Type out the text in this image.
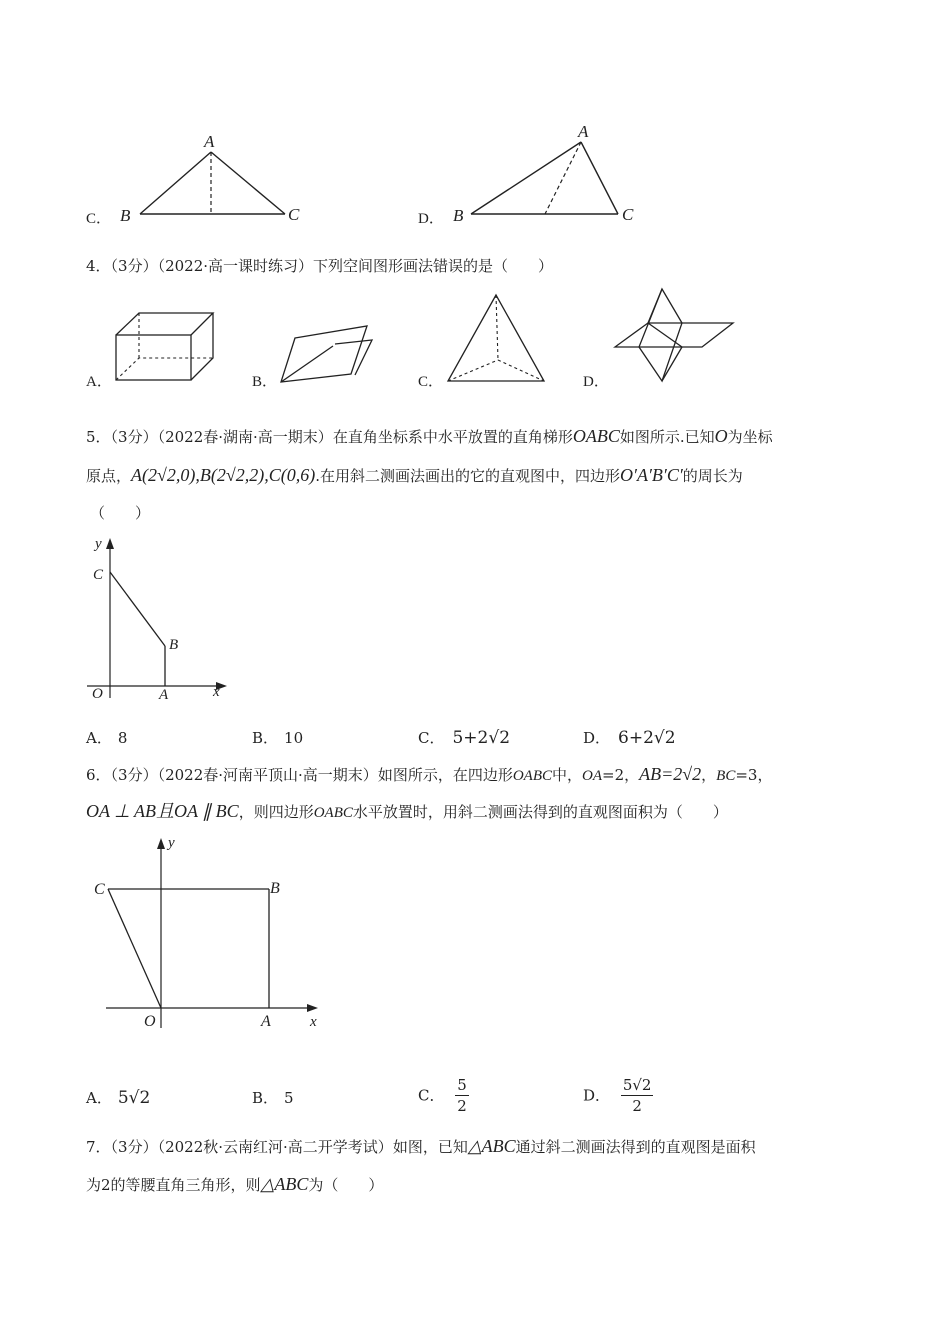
C．
A
B	C	D．
A
B	C
4．（3分）（2022·高一课时练习）下列空间图形画法错误的是（　　）
A．	B．	C．	D．
5．（3分）（2022春·湖南·高一期末）在直角坐标系中水平放置的直角梯形OABC如图所示.已知O为坐标
原点，A(2√2,0),B(2√2,2),C(0,6).在用斜二测画法画出的它的直观图中，四边形O′A′B′C′的周长为
（　　）
y
x
C
B
O	A
A． 8	B． 10	C． 5+2√2	D． 6+2√2
6．（3分）（2022春·河南平顶山·高一期末）如图所示，在四边形OABC中，OA=2，AB=2√2，BC=3，
OA ⊥ AB且OA ∥ BC，则四边形OABC水平放置时，用斜二测画法得到的直观图面积为（　　）
y
x
C	B
O	A
A． 5√2	B． 5	C． $\frac{5}{2}$	D． $\frac{5√2}{2}$
7．（3分）（2022秋·云南红河·高二开学考试）如图，已知△ABC通过斜二测画法得到的直观图是面积
为2的等腰直角三角形，则△ABC为（　　）
